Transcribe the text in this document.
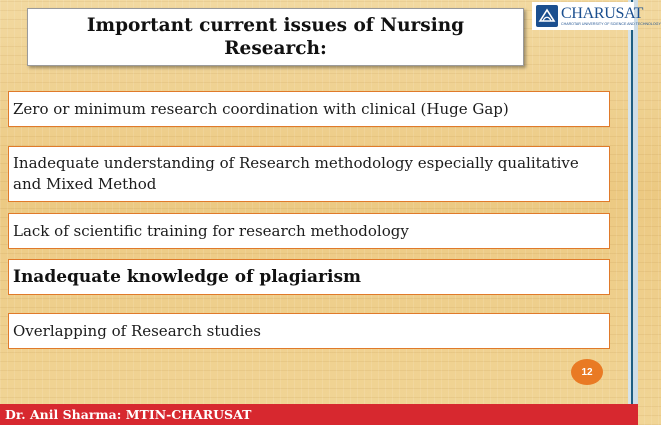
Important current issues of Nursing
Research:
CHARUSAT
CHAROTAR UNIVERSITY OF SCIENCE AND TECHNOLOGY
Zero or minimum research coordination with clinical (Huge Gap)
Inadequate understanding of Research methodology especially qualitative and Mixed Method
Lack of scientific training for research methodology
Inadequate knowledge of plagiarism
Overlapping of Research studies
12
Dr. Anil Sharma: MTIN-CHARUSAT
